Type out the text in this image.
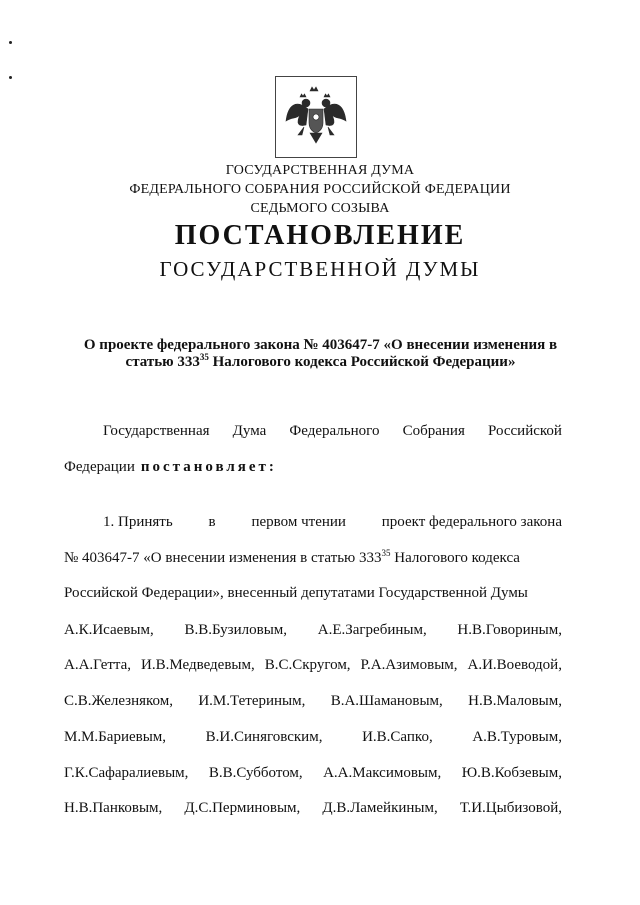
ГОСУДАРСТВЕННАЯ ДУМА
ФЕДЕРАЛЬНОГО СОБРАНИЯ РОССИЙСКОЙ ФЕДЕРАЦИИ
СЕДЬМОГО СОЗЫВА
ПОСТАНОВЛЕНИЕ
ГОСУДАРСТВЕННОЙ ДУМЫ
О проекте федерального закона № 403647-7 «О внесении изменения в статью $333^{35}$ Налогового кодекса Российской Федерации»
Государственная Дума Федерального Собрания Российской
Федерации постановляет:
1. Принять в первом чтении проект федерального закона
№ 403647-7 «О внесении изменения в статью $333^{35}$ Налогового кодекса
Российской Федерации», внесенный депутатами Государственной Думы
А.К.Исаевым, В.В.Бузиловым, А.Е.Загребиным, Н.В.Говориным,
А.А.Гетта, И.В.Медведевым, В.С.Скругом, Р.А.Азимовым, А.И.Воеводой,
С.В.Железняком, И.М.Тетериным, В.А.Шамановым, Н.В.Маловым,
М.М.Бариевым,	В.И.Синяговским,	И.В.Сапко,	А.В.Туровым,
Г.К.Сафаралиевым, В.В.Субботом, А.А.Максимовым, Ю.В.Кобзевым,
Н.В.Панковым, Д.С.Перминовым, Д.В.Ламейкиным, Т.И.Цыбизовой,
